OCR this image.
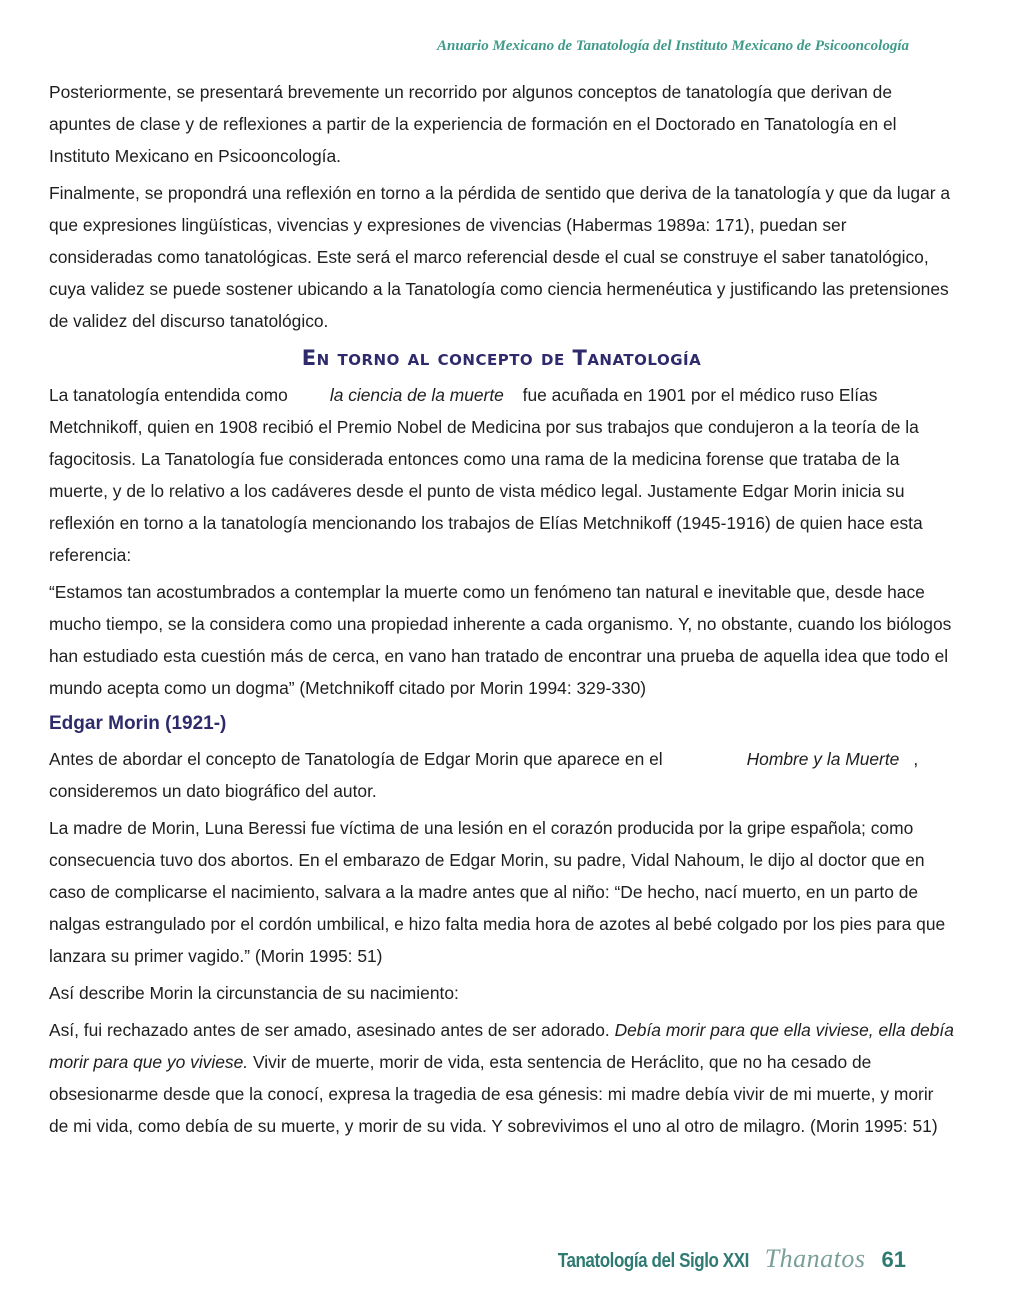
Anuario Mexicano de Tanatología del Instituto Mexicano de Psicooncología

Posteriormente, se presentará brevemente un recorrido por algunos conceptos de tanatología que derivan de apuntes de clase y de reflexiones a partir de la experiencia de formación en el Doctorado en Tanatología en el Instituto Mexicano en Psicooncología.

Finalmente, se propondrá una reflexión en torno a la pérdida de sentido que deriva de la tanatología y que da lugar a que expresiones lingüísticas, vivencias y expresiones de vivencias (Habermas 1989a: 171), puedan ser consideradas como tanatológicas. Este será el marco referencial desde el cual se construye el saber tanatológico, cuya validez se puede sostener ubicando a la Tanatología como ciencia hermenéutica y justificando las pretensiones de validez del discurso tanatológico.

En torno al concepto de Tanatología

La tanatología entendida como la ciencia de la muerte fue acuñada en 1901 por el médico ruso Elías Metchnikoff, quien en 1908 recibió el Premio Nobel de Medicina por sus trabajos que condujeron a la teoría de la fagocitosis. La Tanatología fue considerada entonces como una rama de la medicina forense que trataba de la muerte, y de lo relativo a los cadáveres desde el punto de vista médico legal. Justamente Edgar Morin inicia su reflexión en torno a la tanatología mencionando los trabajos de Elías Metchnikoff (1945-1916) de quien hace esta referencia:

“Estamos tan acostumbrados a contemplar la muerte como un fenómeno tan natural e inevitable que, desde hace mucho tiempo, se la considera como una propiedad inherente a cada organismo. Y, no obstante, cuando los biólogos han estudiado esta cuestión más de cerca, en vano han tratado de encontrar una prueba de aquella idea que todo el mundo acepta como un dogma” (Metchnikoff citado por Morin 1994: 329-330)

Edgar Morin (1921-)

Antes de abordar el concepto de Tanatología de Edgar Morin que aparece en el	Hombre y la Muerte , consideremos un dato biográfico del autor.

La madre de Morin, Luna Beressi fue víctima de una lesión en el corazón producida por la gripe española; como consecuencia tuvo dos abortos. En el embarazo de Edgar Morin, su padre, Vidal Nahoum, le dijo al doctor que en caso de complicarse el nacimiento, salvara a la madre antes que al niño: “De hecho, nací muerto, en un parto de nalgas estrangulado por el cordón umbilical, e hizo falta media hora de azotes al bebé colgado por los pies para que lanzara su primer vagido.” (Morin 1995: 51)

Así describe Morin la circunstancia de su nacimiento:

Así, fui rechazado antes de ser amado, asesinado antes de ser adorado. Debía morir para que ella viviese, ella debía morir para que yo viviese. Vivir de muerte, morir de vida, esta sentencia de Heráclito, que no ha cesado de obsesionarme desde que la conocí, expresa la tragedia de esa génesis: mi madre debía vivir de mi muerte, y morir de mi vida, como debía de su muerte, y morir de su vida. Y sobrevivimos el uno al otro de milagro. (Morin 1995: 51)

Tanatología del Siglo XXI Thanatos 61
